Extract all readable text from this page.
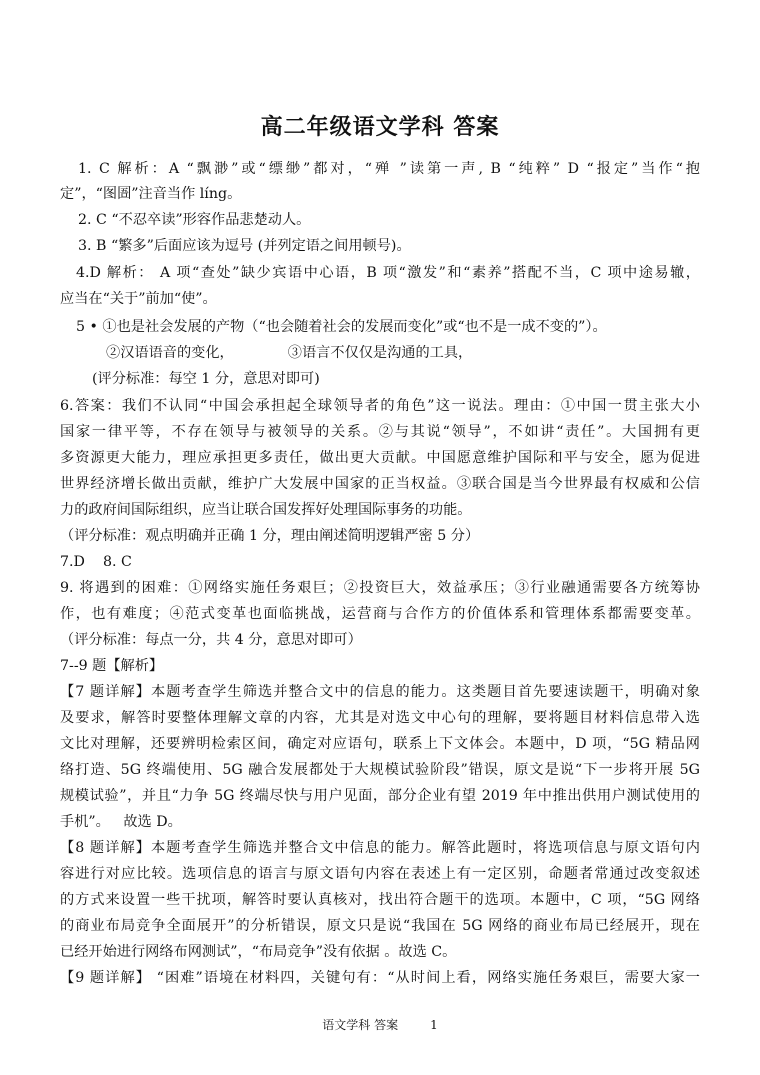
高二年级语文学科 答案
1. C 解析：A “飘渺”或“缥缈”都对，“殚 ”读第一声, B “纯粹” D “报定”当作“抱
定”，“图圄”注音当作 líng。
2. C “不忍卒读”形容作品悲楚动人。
3. B “繁多”后面应该为逗号 (并列定语之间用顿号)。
4.D 解析： A 项“查处”缺少宾语中心语，B 项“激发”和“素养”搭配不当，C 项中途易辙，
应当在“关于”前加“使”。
5 • ①也是社会发展的产物（“也会随着社会的发展而变化”或“也不是一成不变的”）。
②汉语语音的变化，            ③语言不仅仅是沟通的工具，
(评分标准：每空 1 分，意思对即可)
6.答案：我们不认同“中国会承担起全球领导者的角色”这一说法。理由：①中国一贯主张大小
国家一律平等，不存在领导与被领导的关系。②与其说“领导”，不如讲“责任”。大国拥有更
多资源更大能力，理应承担更多责任，做出更大贡献。中国愿意维护国际和平与安全，愿为促进
世界经济增长做出贡献，维护广大发展中国家的正当权益。③联合国是当今世界最有权威和公信
力的政府间国际组织，应当让联合国发挥好处理国际事务的功能。
（评分标准：观点明确并正确 1 分，理由阐述简明逻辑严密 5 分）
7.D    8. C
9. 将遇到的困难：①网络实施任务艰巨；②投资巨大，效益承压；③行业融通需要各方统筹协
作，也有难度；④范式变革也面临挑战，运营商与合作方的价值体系和管理体系都需要变革。
（评分标准：每点一分，共 4 分，意思对即可）
7--9 题【解析】
【7 题详解】本题考查学生筛选并整合文中的信息的能力。这类题目首先要速读题干，明确对象
及要求，解答时要整体理解文章的内容，尤其是对选文中心句的理解，要将题目材料信息带入选
文比对理解，还要辨明检索区间，确定对应语句，联系上下文体会。本题中，D 项，“5G 精品网
络打造、5G 终端使用、5G 融合发展都处于大规模试验阶段”错误，原文是说“下一步将开展 5G
规模试验”，并且“力争 5G 终端尽快与用户见面，部分企业有望 2019 年中推出供用户测试使用的
手机”。   故选 D。
【8 题详解】本题考查学生筛选并整合文中信息的能力。解答此题时，将选项信息与原文语句内
容进行对应比较。选项信息的语言与原文语句内容在表述上有一定区别，命题者常通过改变叙述
的方式来设置一些干扰项，解答时要认真核对，找出符合题干的选项。本题中，C 项，“5G 网络
的商业布局竞争全面展开”的分析错误，原文只是说“我国在 5G 网络的商业布局已经展开，现在
已经开始进行网络布网测试”，“布局竞争”没有依据 。故选 C。
【9 题详解】 “困难”语境在材料四，关键句有：“从时间上看，网络实施任务艰巨，需要大家一
语文学科 答案	1
